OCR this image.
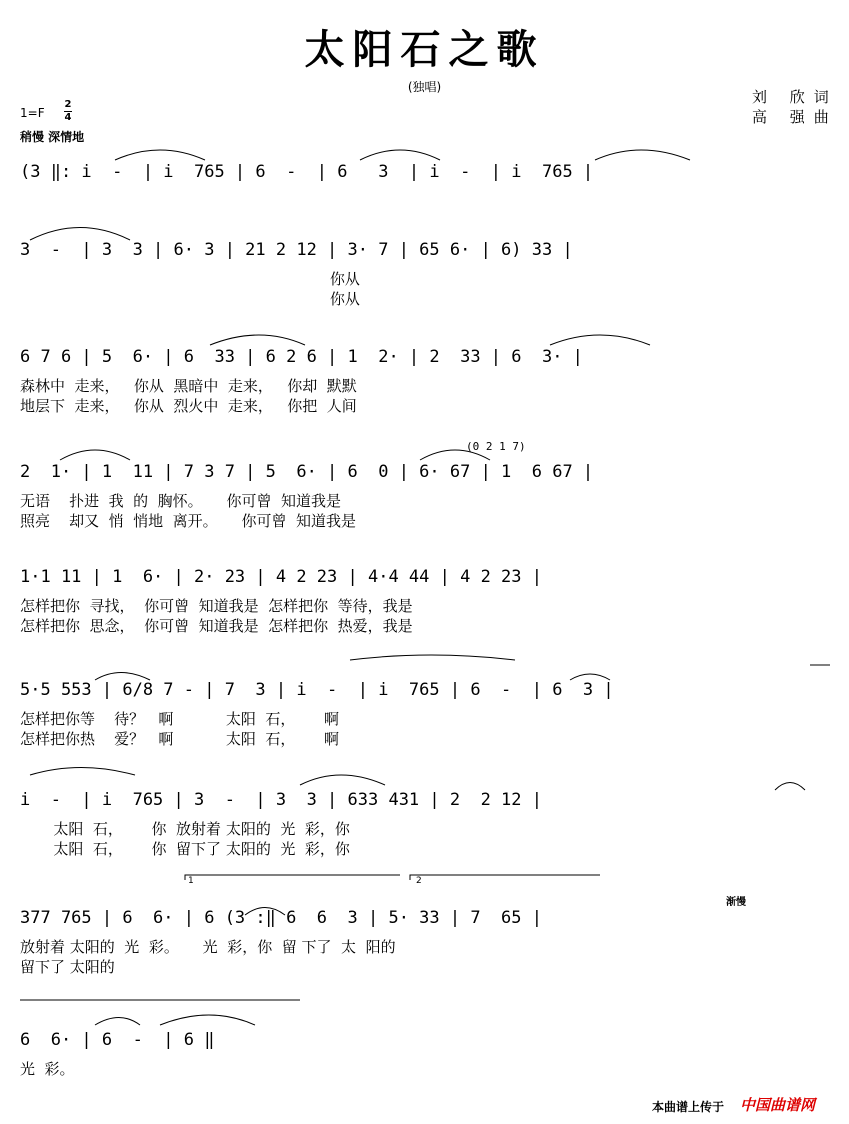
太阳石之歌
(独唱)
刘 欣词
高 强曲
1=F
2
4
稍慢 深情地
(3 ‖: i  -  | i  765 | 6  -  | 6   3  | i  -  | i  765 |
3  -  | 3  3 | 6· 3 | 21 2 12 | 3· 7 | 65 6· | 6) 33 |
你从
你从
6 7 6 | 5  6· | 6  33 | 6 2 6 | 1  2· | 2  33 | 6  3· |
森林中  走来，   你从  黑暗中  走来，   你却  默默
地层下  走来，   你从  烈火中  走来，   你把  人间
2  1· | 1  11 | 7 3 7 | 5  6· | 6  0 | 6· 67 | 1  6 67 |
无语    扑进  我  的  胸怀。     你可曾  知道我是
照亮    却又  悄  悄地  离开。     你可曾  知道我是
1·1 11 | 1  6· | 2· 23 | 4 2 23 | 4·4 44 | 4 2 23 |
怎样把你  寻找，  你可曾  知道我是  怎样把你  等待，我是
怎样把你  思念，  你可曾  知道我是  怎样把你  热爱，我是
5·5 553 | 6/8 7 - | 7  3 | i  -  | i  765 | 6  -  | 6  3 |
怎样把你等    待？   啊           太阳  石，      啊
怎样把你热    爱？   啊           太阳  石，      啊
i  -  | i  765 | 3  -  | 3  3 | 633 431 | 2  2 12 |
太阳  石，      你  放射着 太阳的  光  彩，你
太阳  石，      你  留下了 太阳的  光  彩，你
377 765 | 6  6· | 6 (3 :‖ 6  6  3 | 5· 33 | 7  65 |
放射着 太阳的  光  彩。     光  彩，你  留 下了  太  阳的
留下了 太阳的
6  6· | 6  -  | 6 ‖
光  彩。
1	2
渐慢
(0 2 1 7)
本曲谱上传于 中国曲谱网
